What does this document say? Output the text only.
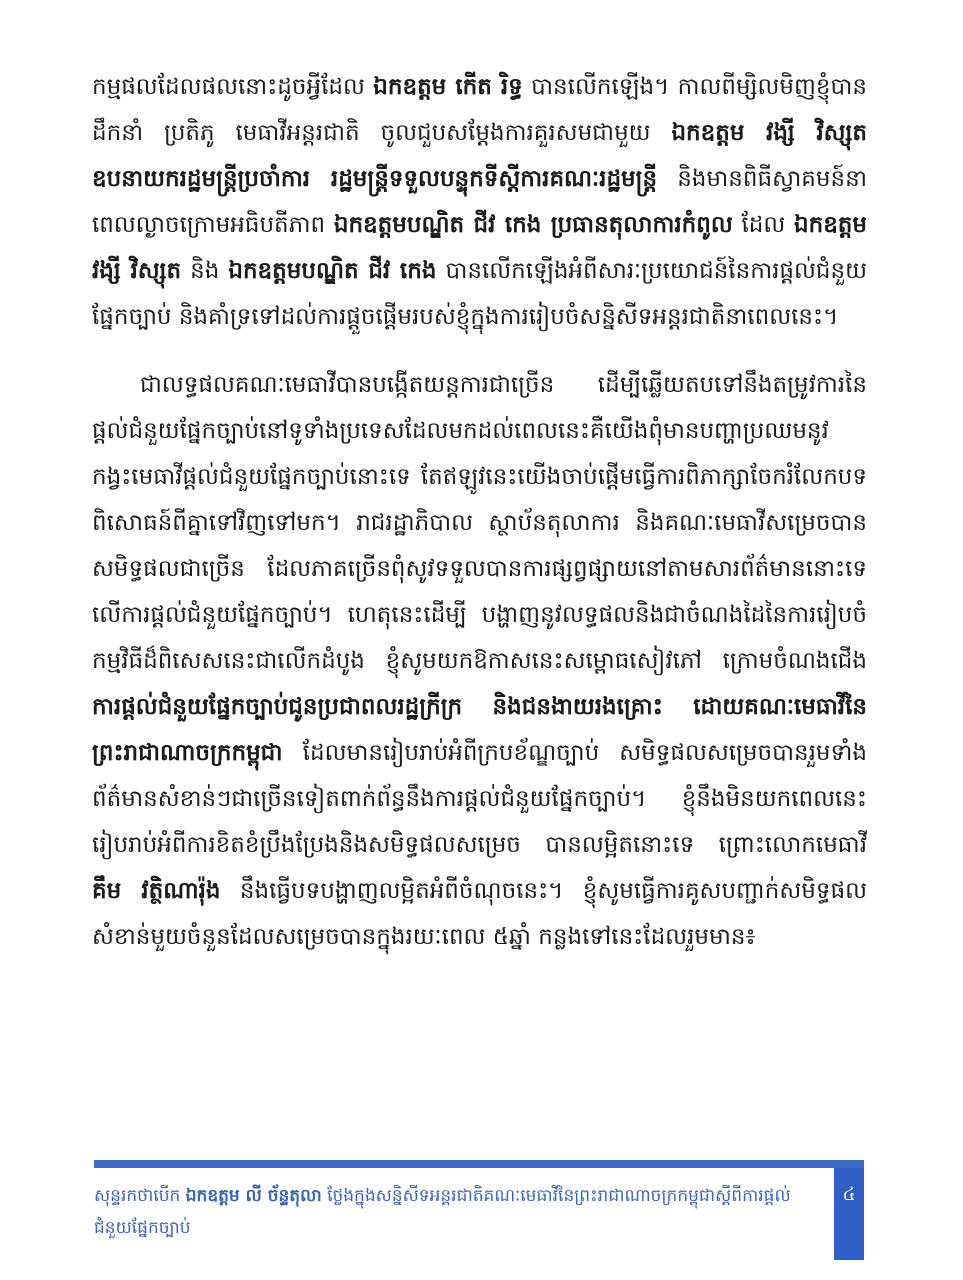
កម្មផលដែលផលនោះដូចអ្វីដែល ឯកឧត្តម កើត រិទ្ធ បានលើកឡើង។ កាលពីម្សិលមិញខ្ញុំបានដឹកនាំ ប្រតិភូ មេធាវីអន្តរជាតិ ចូលជួបសម្តែងការគួរសមជាមួយ ឯកឧត្តម វង្សី វិស្សុត ឧបនាយករដ្ឋមន្ត្រីប្រចាំការ រដ្ឋមន្ត្រីទទួលបន្ទុកទីស្តីការគណៈរដ្ឋមន្ត្រី និងមានពិធីស្វាគមន៍នាពេលល្ងាចក្រោមអធិបតីភាព ឯកឧត្តមបណ្ឌិត ជីវ កេង ប្រធានតុលាការកំពូល ដែល ឯកឧត្តម វង្សី វិស្សុត និង ឯកឧត្តមបណ្ឌិត ជីវ កេង បានលើកឡើងអំពីសារៈប្រយោជន៍នៃការផ្តល់ជំនួយផ្នែកច្បាប់ និងគាំទ្រទៅដល់ការផ្តួចផ្តើមរបស់ខ្ញុំក្នុងការរៀបចំសន្និសីទអន្តរជាតិនាពេលនេះ។

ជាលទ្ធផលគណៈមេធាវីបានបង្កើតយន្តការជាច្រើន ដើម្បីឆ្លើយតបទៅនឹងតម្រូវការនៃផ្តល់ជំនួយផ្នែកច្បាប់នៅទូទាំងប្រទេសដែលមកដល់ពេលនេះគឺយើងពុំមានបញ្ហាប្រឈមនូវកង្វះមេធាវីផ្តល់ជំនួយផ្នែកច្បាប់នោះទេ តែឥឡូវនេះយើងចាប់ផ្តើមធ្វើការពិភាក្សាចែករំលែកបទពិសោធន៍ពីគ្នាទៅវិញទៅមក។ រាជរដ្ឋាភិបាល ស្ថាប័នតុលាការ និងគណៈមេធាវីសម្រេចបានសមិទ្ធផលជាច្រើន ដែលភាគច្រើនពុំសូវទទួលបានការផ្សព្វផ្សាយនៅតាមសារព័ត៌មាននោះទេលើការផ្តល់ជំនួយផ្នែកច្បាប់។ ហេតុនេះដើម្បី បង្ហាញនូវលទ្ធផលនិងជាចំណងដៃនៃការរៀបចំកម្មវិធីដ៏ពិសេសនេះជាលើកដំបូង ខ្ញុំសូមយកឱកាសនេះសម្ពោធសៀវភៅ ក្រោមចំណងជើង ការផ្តល់ជំនួយផ្នែកច្បាប់ជូនប្រជាពលរដ្ឋក្រីក្រ និងជនងាយរងគ្រោះ ដោយគណៈមេធាវីនៃព្រះរាជាណាចក្រកម្ពុជា ដែលមានរៀបរាប់អំពីក្របខ័ណ្ឌច្បាប់ សមិទ្ធផលសម្រេចបានរួមទាំងព័ត៌មានសំខាន់ៗជាច្រើនទៀតពាក់ព័ន្ធនឹងការផ្តល់ជំនួយផ្នែកច្បាប់។ ខ្ញុំនឹងមិនយកពេលនេះរៀបរាប់អំពីការខិតខំប្រឹងប្រែងនិងសមិទ្ធផលសម្រេច បានលម្អិតនោះទេ ព្រោះលោកមេធាវី គឹម វត្ថិណារ៉ុង នឹងធ្វើបទបង្ហាញលម្អិតអំពីចំណុចនេះ។ ខ្ញុំសូមធ្វើការគូសបញ្ជាក់សមិទ្ធផលសំខាន់មួយចំនួនដែលសម្រេចបានក្នុងរយៈពេល ៥ឆ្នាំ កន្លងទៅនេះដែលរួមមាន៖

សុន្ទរកថាបើក ឯកឧត្តម លី ច័ន្ទតុលា ថ្លែងក្នុងសន្និសីទអន្តរជាតិគណៈមេធាវីនៃព្រះរាជាណាចក្រកម្ពុជាស្តីពីការផ្តល់ជំនួយផ្នែកច្បាប់
៤
